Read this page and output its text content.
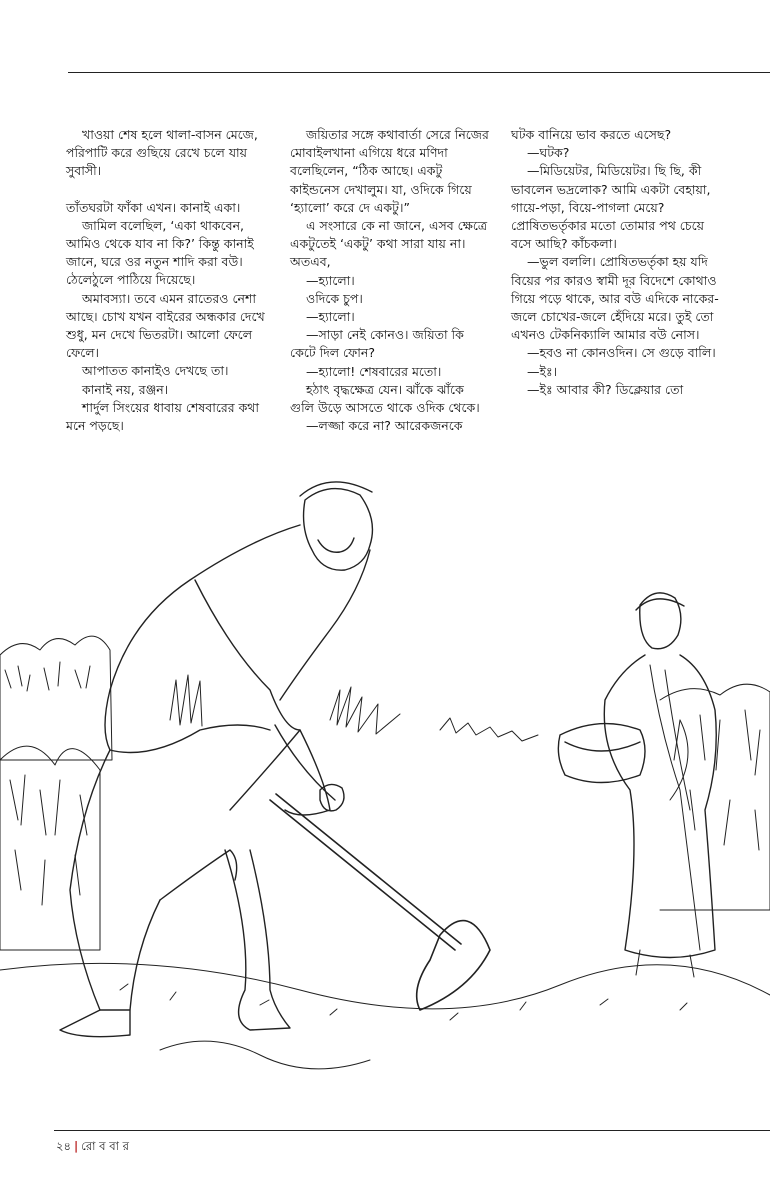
খাওয়া শেষ হলে থালা-বাসন মেজে, পরিপাটি করে গুছিয়ে রেখে চলে যায় সুবাসী।

তাঁতঘরটা ফাঁকা এখন। কানাই একা।

জামিল বলেছিল, ‘একা থাকবেন, আমিও থেকে যাব না কি?’ কিন্তু কানাই জানে, ঘরে ওর নতুন শাদি করা বউ। ঠেলেঠুলে পাঠিয়ে দিয়েছে।

অমাবস্যা। তবে এমন রাতেরও নেশা আছে। চোখ যখন বাইরের অন্ধকার দেখে শুধু, মন দেখে ভিতরটা। আলো ফেলে ফেলে।

আপাতত কানাইও দেখছে তা।

কানাই নয়, রঞ্জন।

শার্দুল সিংয়ের ধাবায় শেষবারের কথা মনে পড়ছে।

জয়িতার সঙ্গে কথাবার্তা সেরে নিজের মোবাইলখানা এগিয়ে ধরে মণিদা বলেছিলেন, “ঠিক আছে। একটু কাইন্ডনেস দেখালুম। যা, ওদিকে গিয়ে ‘হ্যালো’ করে দে একটু।”

এ সংসারে কে না জানে, এসব ক্ষেত্রে একটুতেই ‘একটু’ কথা সারা যায় না। অতএব,

—হ্যালো।

ওদিকে চুপ।

—হ্যালো।

—সাড়া নেই কোনও। জয়িতা কি কেটে দিল ফোন?

—হ্যালো! শেষবারের মতো।

হঠাৎ বৃদ্ধক্ষেত্র যেন। ঝাঁকে ঝাঁকে গুলি উড়ে আসতে থাকে ওদিক থেকে।

—লজ্জা করে না? আরেকজনকে

ঘটক বানিয়ে ভাব করতে এসেছ?

—ঘটক?

—মিডিয়েটর, মিডিয়েটর। ছি ছি, কী ভাবলেন ভদ্রলোক? আমি একটা বেহায়া, গায়ে-পড়া, বিয়ে-পাগলা মেয়ে? প্রোষিতভর্তৃকার মতো তোমার পথ চেয়ে বসে আছি? কাঁচকলা।

—ভুল বললি। প্রোষিতভর্তৃকা হয় যদি বিয়ের পর কারও স্বামী দূর বিদেশে কোথাও গিয়ে পড়ে থাকে, আর বউ এদিকে নাকের-জলে চোখের-জলে হেঁদিয়ে মরে। তুই তো এখনও টেকনিক্যালি আমার বউ নোস।

—হবও না কোনওদিন। সে গুড়ে বালি।

—ইঃ।

—ইঃ আবার কী? ডিক্লেয়ার তো

২৪ | রো ব বা র
